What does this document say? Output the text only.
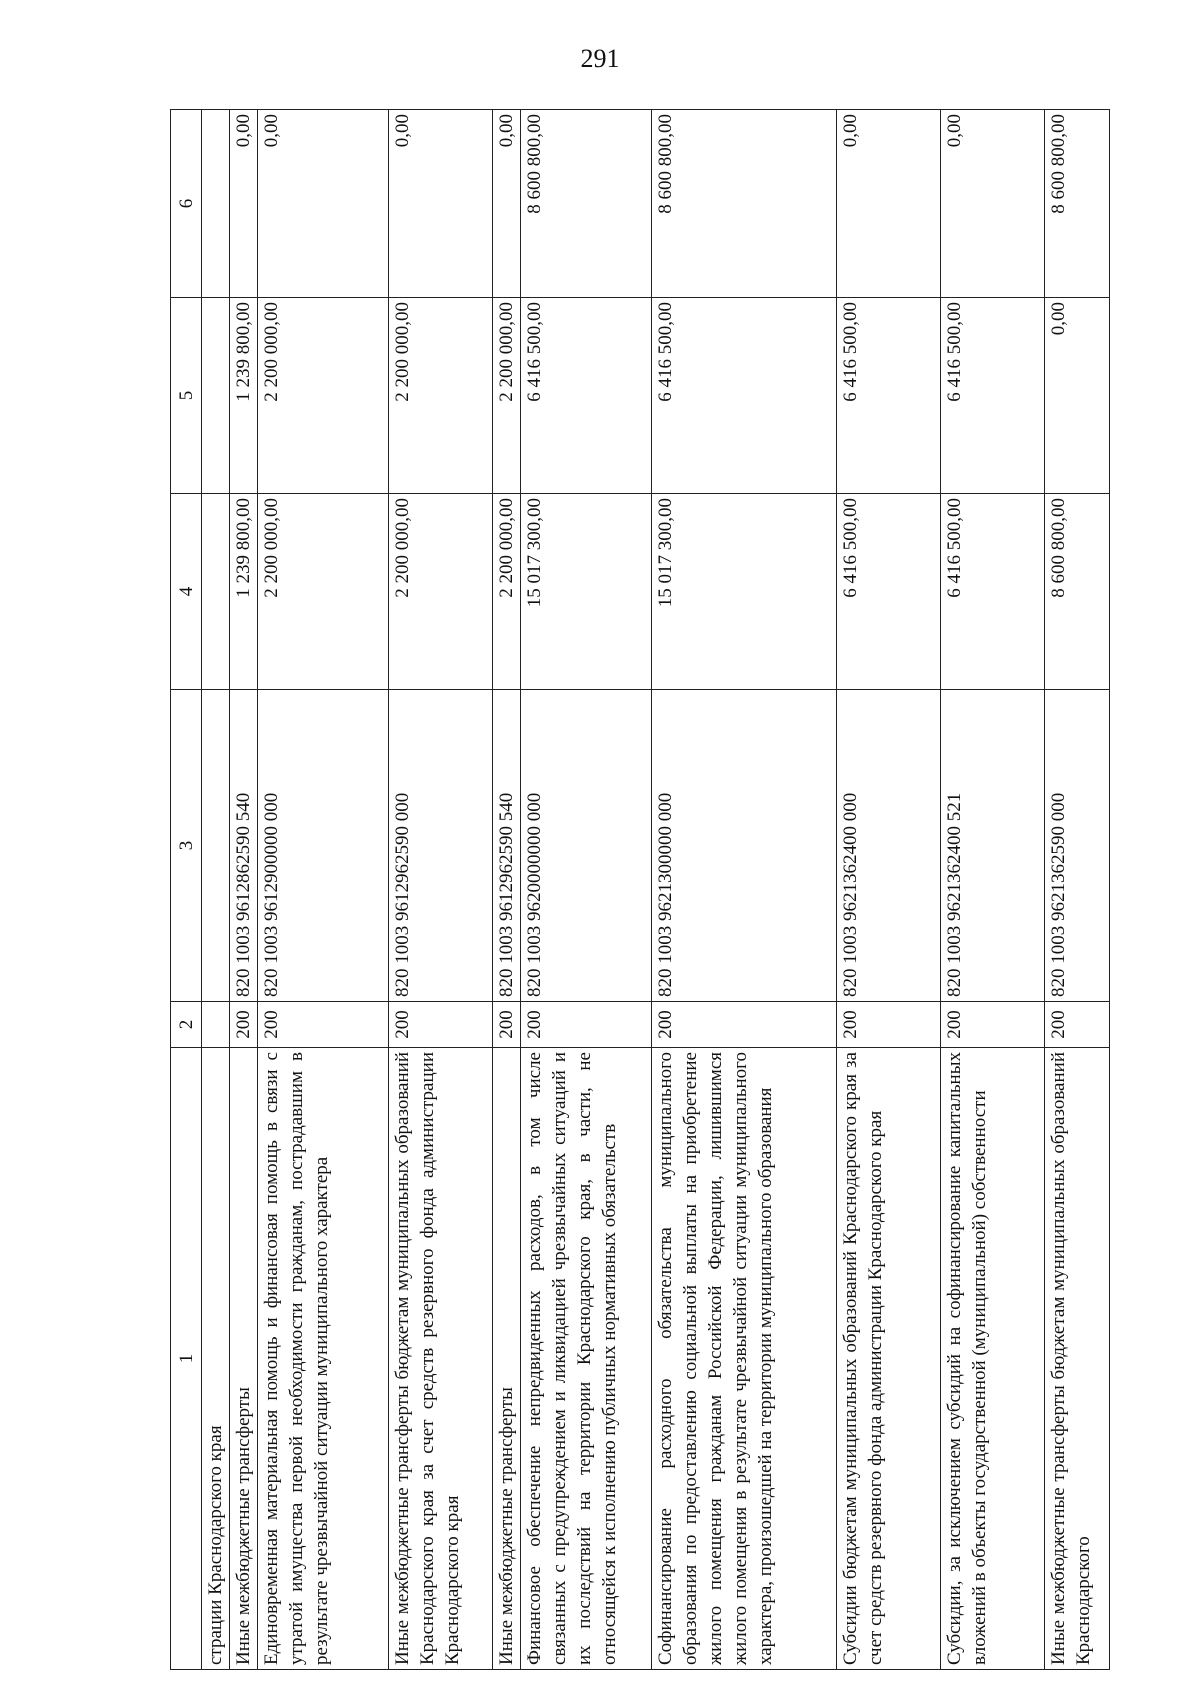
291
1	2	3	4	5	6
страции Краснодарского края					
Иные межбюджетные трансферты	200	820 1003 9612862590 540	1 239 800,00	1 239 800,00	0,00
Единовременная материальная помощь и финансовая помощь в связи с утратой имущества первой необходимости гражданам, пострадавшим в результате чрезвычайной ситуации муниципального характера	200	820 1003 9612900000 000	2 200 000,00	2 200 000,00	0,00
Иные межбюджетные трансферты бюджетам муниципальных образований Краснодарского края за счет средств резервного фонда администрации Краснодарского края	200	820 1003 9612962590 000	2 200 000,00	2 200 000,00	0,00
Иные межбюджетные трансферты	200	820 1003 9612962590 540	2 200 000,00	2 200 000,00	0,00
Финансовое обеспечение непредвиденных расходов, в том числе связанных с предупреждением и ликвидацией чрезвычайных ситуаций и их последствий на территории Краснодарского края, в части, не относящейся к исполнению публичных нормативных обязательств	200	820 1003 9620000000 000	15 017 300,00	6 416 500,00	8 600 800,00
Софинансирование расходного обязательства муниципального образования по предоставлению социальной выплаты на приобретение жилого помещения гражданам Российской Федерации, лишившимся жилого помещения в результате чрезвычайной ситуации муниципального характера, произошедшей на территории муниципального образования	200	820 1003 9621300000 000	15 017 300,00	6 416 500,00	8 600 800,00
Субсидии бюджетам муниципальных образований Краснодарского края за счет средств резервного фонда администрации Краснодарского края	200	820 1003 9621362400 000	6 416 500,00	6 416 500,00	0,00
Субсидии, за исключением субсидий на софинансирование капитальных вложений в объекты государственной (муниципальной) собственности	200	820 1003 9621362400 521	6 416 500,00	6 416 500,00	0,00
Иные межбюджетные трансферты бюджетам муниципальных образований Краснодарского	200	820 1003 9621362590 000	8 600 800,00	0,00	8 600 800,00
